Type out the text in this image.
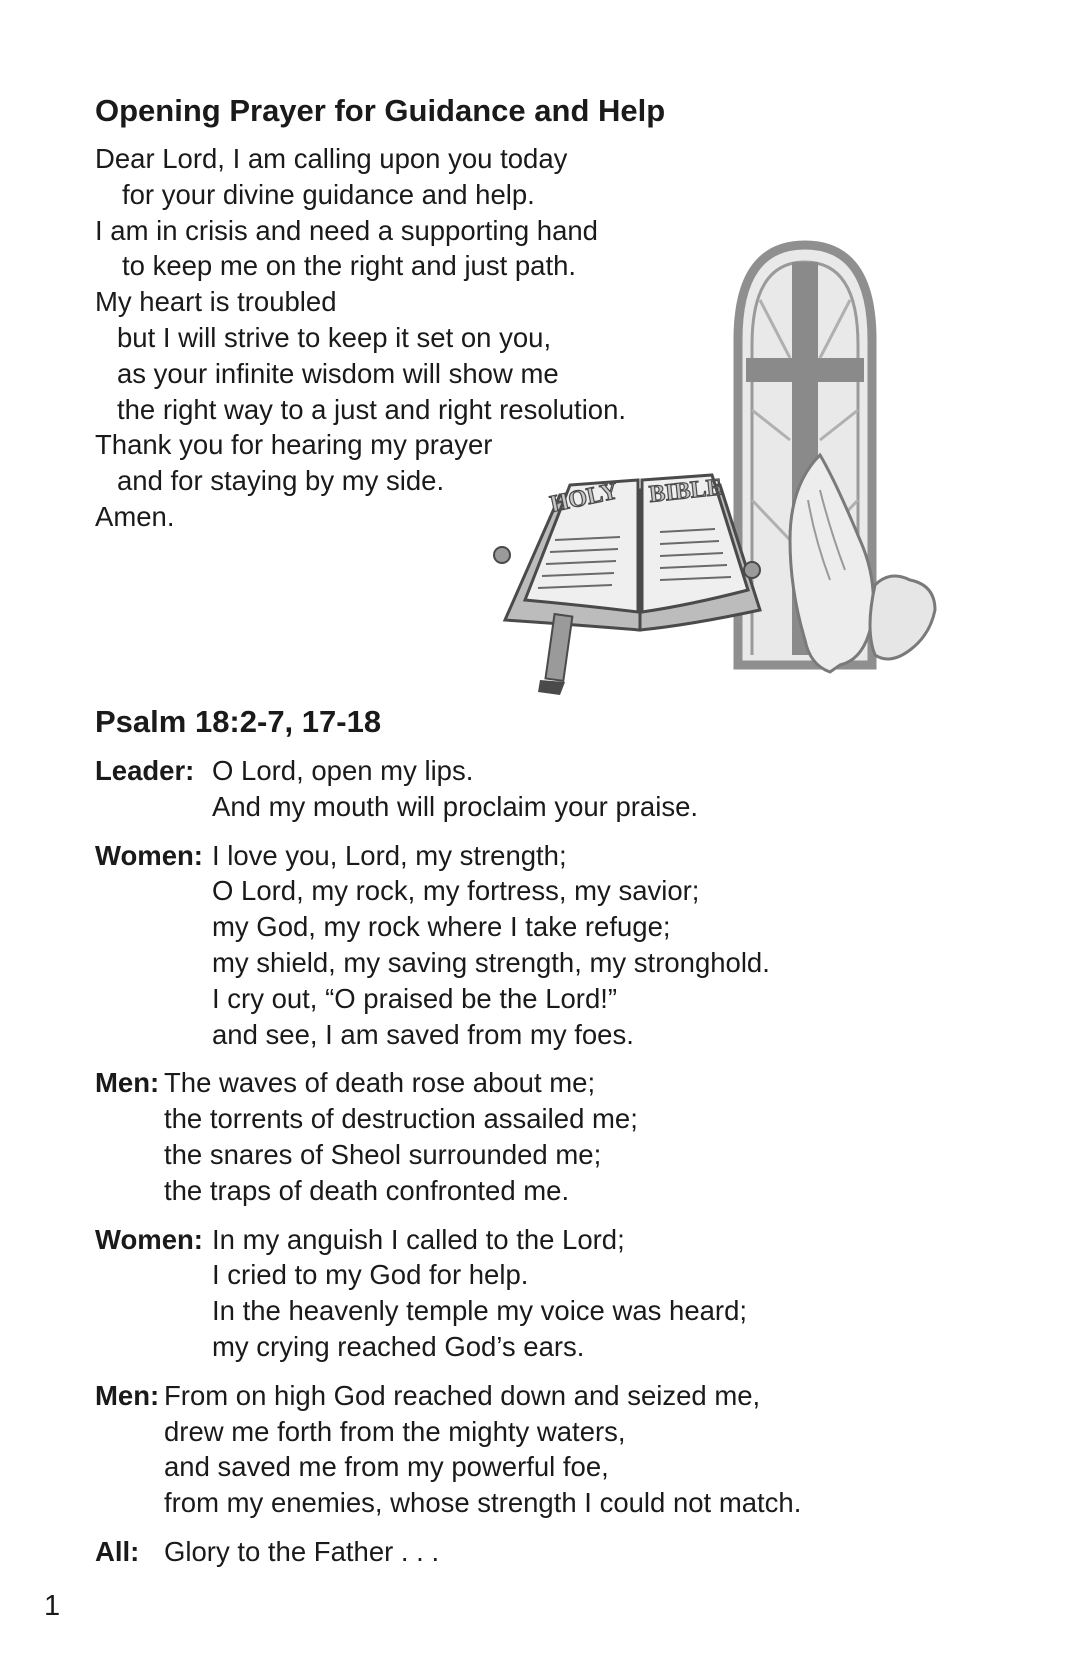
Opening Prayer for Guidance and Help
Dear Lord, I am calling upon you today
for your divine guidance and help.
I am in crisis and need a supporting hand
to keep me on the right and just path.
My heart is troubled
but I will strive to keep it set on you,
as your infinite wisdom will show me
the right way to a just and right resolution.
Thank you for hearing my prayer
and for staying by my side.
Amen.	HOLY BIBLE
Psalm 18:2-7, 17-18
Leader: O Lord, open my lips.
And my mouth will proclaim your praise.
Women: I love you, Lord, my strength;
O Lord, my rock, my fortress, my savior;
my God, my rock where I take refuge;
my shield, my saving strength, my stronghold.
I cry out, “O praised be the Lord!”
and see, I am saved from my foes.
Men: The waves of death rose about me;
the torrents of destruction assailed me;
the snares of Sheol surrounded me;
the traps of death confronted me.
Women: In my anguish I called to the Lord;
I cried to my God for help.
In the heavenly temple my voice was heard;
my crying reached God’s ears.
Men: From on high God reached down and seized me,
drew me forth from the mighty waters,
and saved me from my powerful foe,
from my enemies, whose strength I could not match.
All: Glory to the Father . . .
1
